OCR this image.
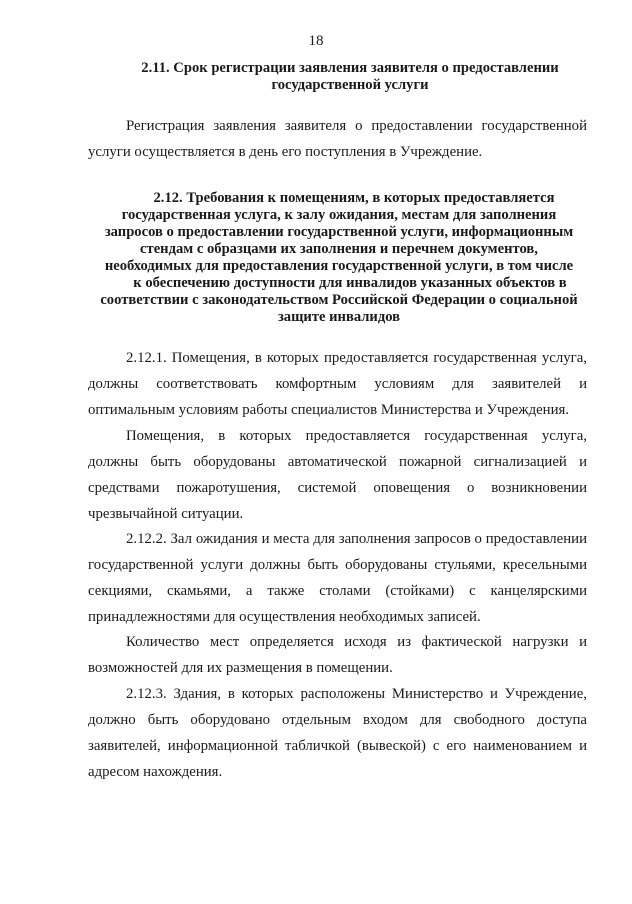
18
2.11. Срок регистрации заявления заявителя о предоставлении
государственной услуги
Регистрация заявления заявителя о предоставлении государственной услуги осуществляется в день его поступления в Учреждение.
2.12. Требования к помещениям, в которых предоставляется
государственная услуга, к залу ожидания, местам для заполнения
запросов о предоставлении государственной услуги, информационным
стендам с образцами их заполнения и перечнем документов,
необходимых для предоставления государственной услуги, в том числе
к обеспечению доступности для инвалидов указанных объектов в
соответствии с законодательством Российской Федерации о социальной
защите инвалидов
2.12.1. Помещения, в которых предоставляется государственная услуга, должны соответствовать комфортным условиям для заявителей и оптимальным условиям работы специалистов Министерства и Учреждения.
Помещения, в которых предоставляется государственная услуга, должны быть оборудованы автоматической пожарной сигнализацией и средствами пожаротушения, системой оповещения о возникновении чрезвычайной ситуации.
2.12.2. Зал ожидания и места для заполнения запросов о предоставлении государственной услуги должны быть оборудованы стульями, кресельными секциями, скамьями, а также столами (стойками) с канцелярскими принадлежностями для осуществления необходимых записей.
Количество мест определяется исходя из фактической нагрузки и возможностей для их размещения в помещении.
2.12.3. Здания, в которых расположены Министерство и Учреждение, должно быть оборудовано отдельным входом для свободного доступа заявителей, информационной табличкой (вывеской) с его наименованием и адресом нахождения.
